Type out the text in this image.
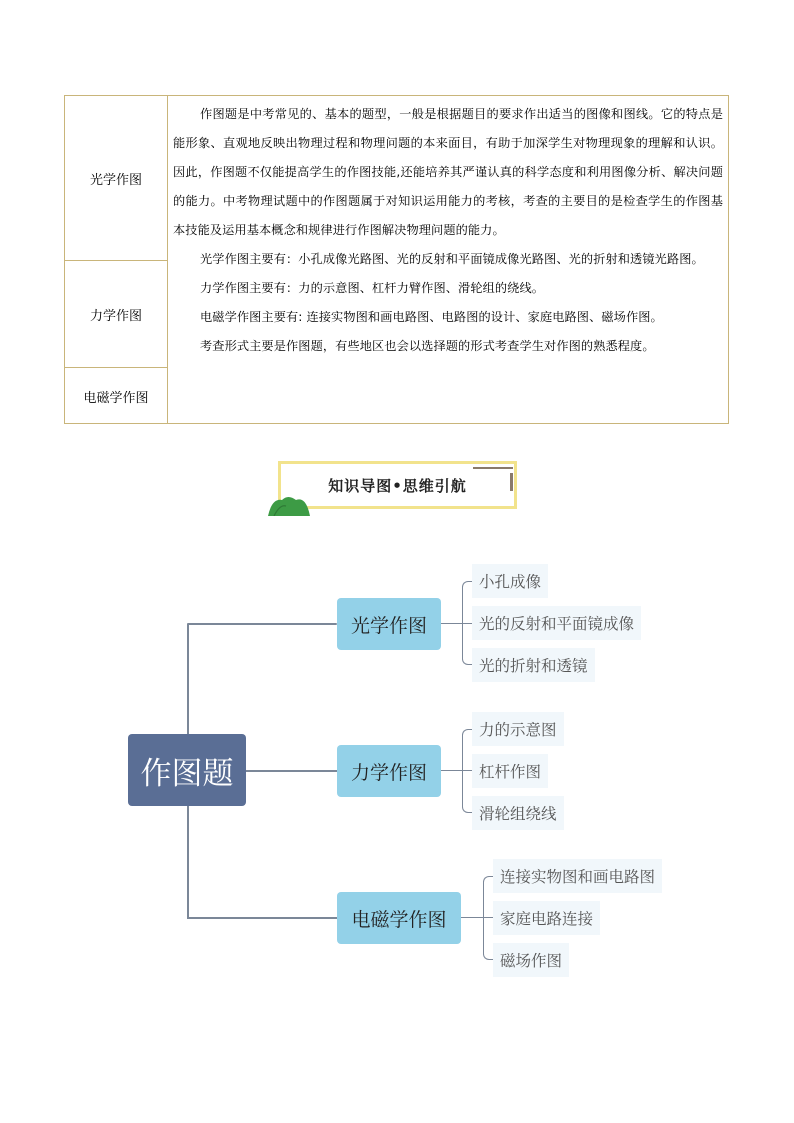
光学作图
力学作图
电磁学作图

作图题是中考常见的、基本的题型，一般是根据题目的要求作出适当的图像和图线。它的特点是能形象、直观地反映出物理过程和物理问题的本来面目，有助于加深学生对物理现象的理解和认识。因此，作图题不仅能提高学生的作图技能,还能培养其严谨认真的科学态度和利用图像分析、解决问题的能力。中考物理试题中的作图题属于对知识运用能力的考核，考查的主要目的是检查学生的作图基本技能及运用基本概念和规律进行作图解决物理问题的能力。

光学作图主要有：小孔成像光路图、光的反射和平面镜成像光路图、光的折射和透镜光路图。

力学作图主要有：力的示意图、杠杆力臂作图、滑轮组的绕线。

电磁学作图主要有: 连接实物图和画电路图、电路图的设计、家庭电路图、磁场作图。

考查形式主要是作图题，有些地区也会以选择题的形式考查学生对作图的熟悉程度。

知识导图•思维引航
作图题
光学作图
小孔成像
光的反射和平面镜成像
光的折射和透镜
力学作图
力的示意图
杠杆作图
滑轮组绕线
电磁学作图
连接实物图和画电路图
家庭电路连接
磁场作图
